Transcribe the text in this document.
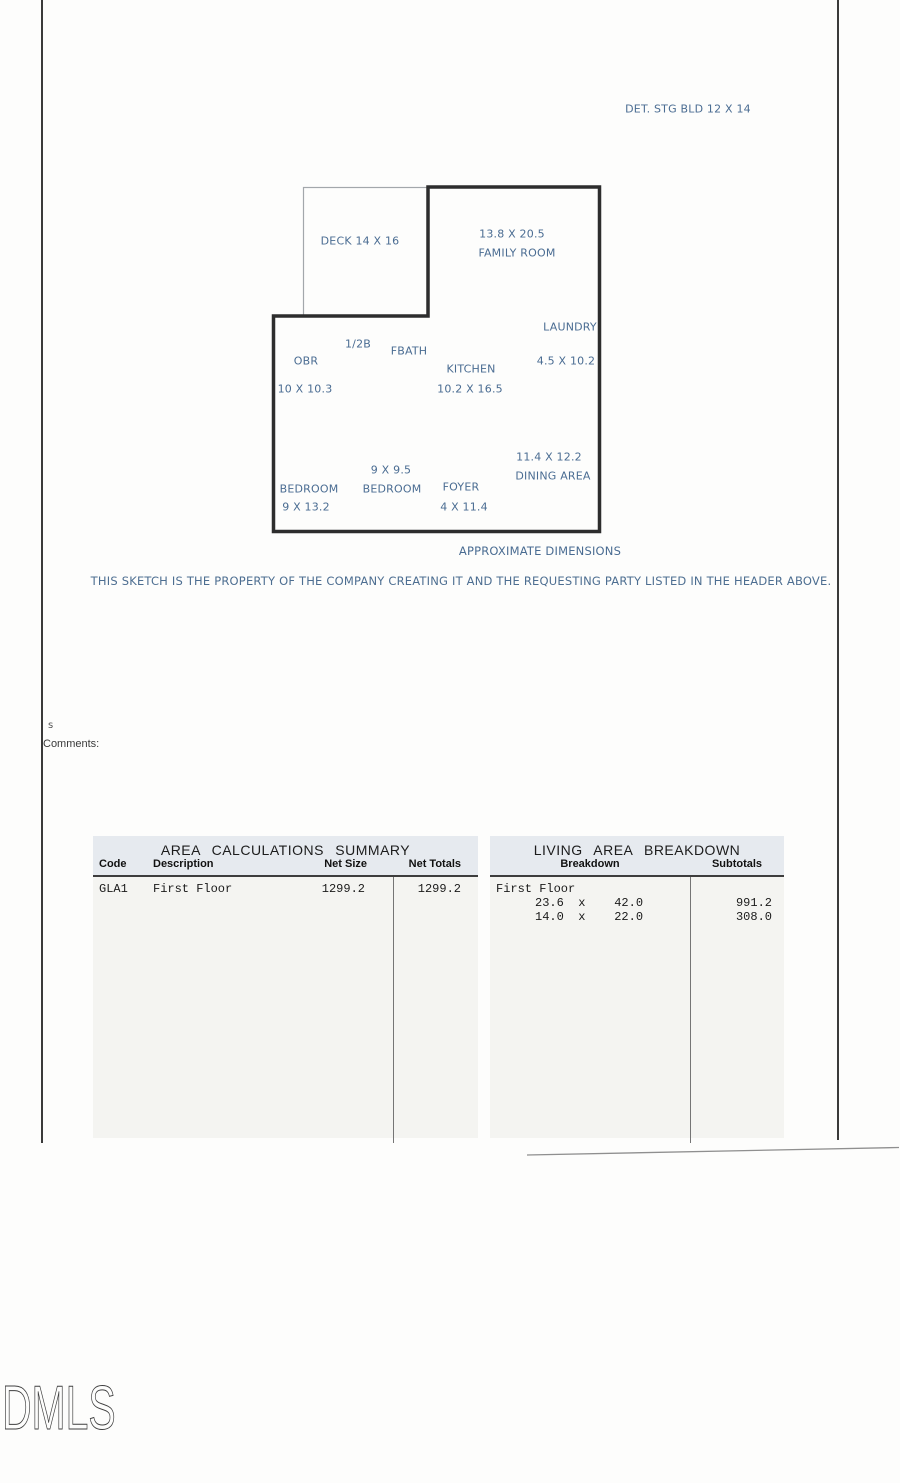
DET. STG BLD 12 X 14
DECK 14 X 16
13.8 X 20.5
FAMILY ROOM
LAUNDRY
1/2B
FBATH
OBR	4.5 X 10.2
KITCHEN
10 X 10.3	10.2 X 16.5
11.4 X 12.2
9 X 9.5	DINING AREA
BEDROOM BEDROOM FOYER
9 X 13.2	4 X 11.4
APPROXIMATE DIMENSIONS
THIS SKETCH IS THE PROPERTY OF THE COMPANY CREATING IT AND THE REQUESTING PARTY LISTED IN THE HEADER ABOVE.
s
Comments:
AREA CALCULATIONS SUMMARY
Code Description	Net Size	Net Totals
GLA1 First Floor	1299.2	1299.2
LIVING AREA BREAKDOWN
Breakdown	Subtotals
First Floor
23.6  x    42.0	991.2
14.0  x    22.0	308.0
DMLS
